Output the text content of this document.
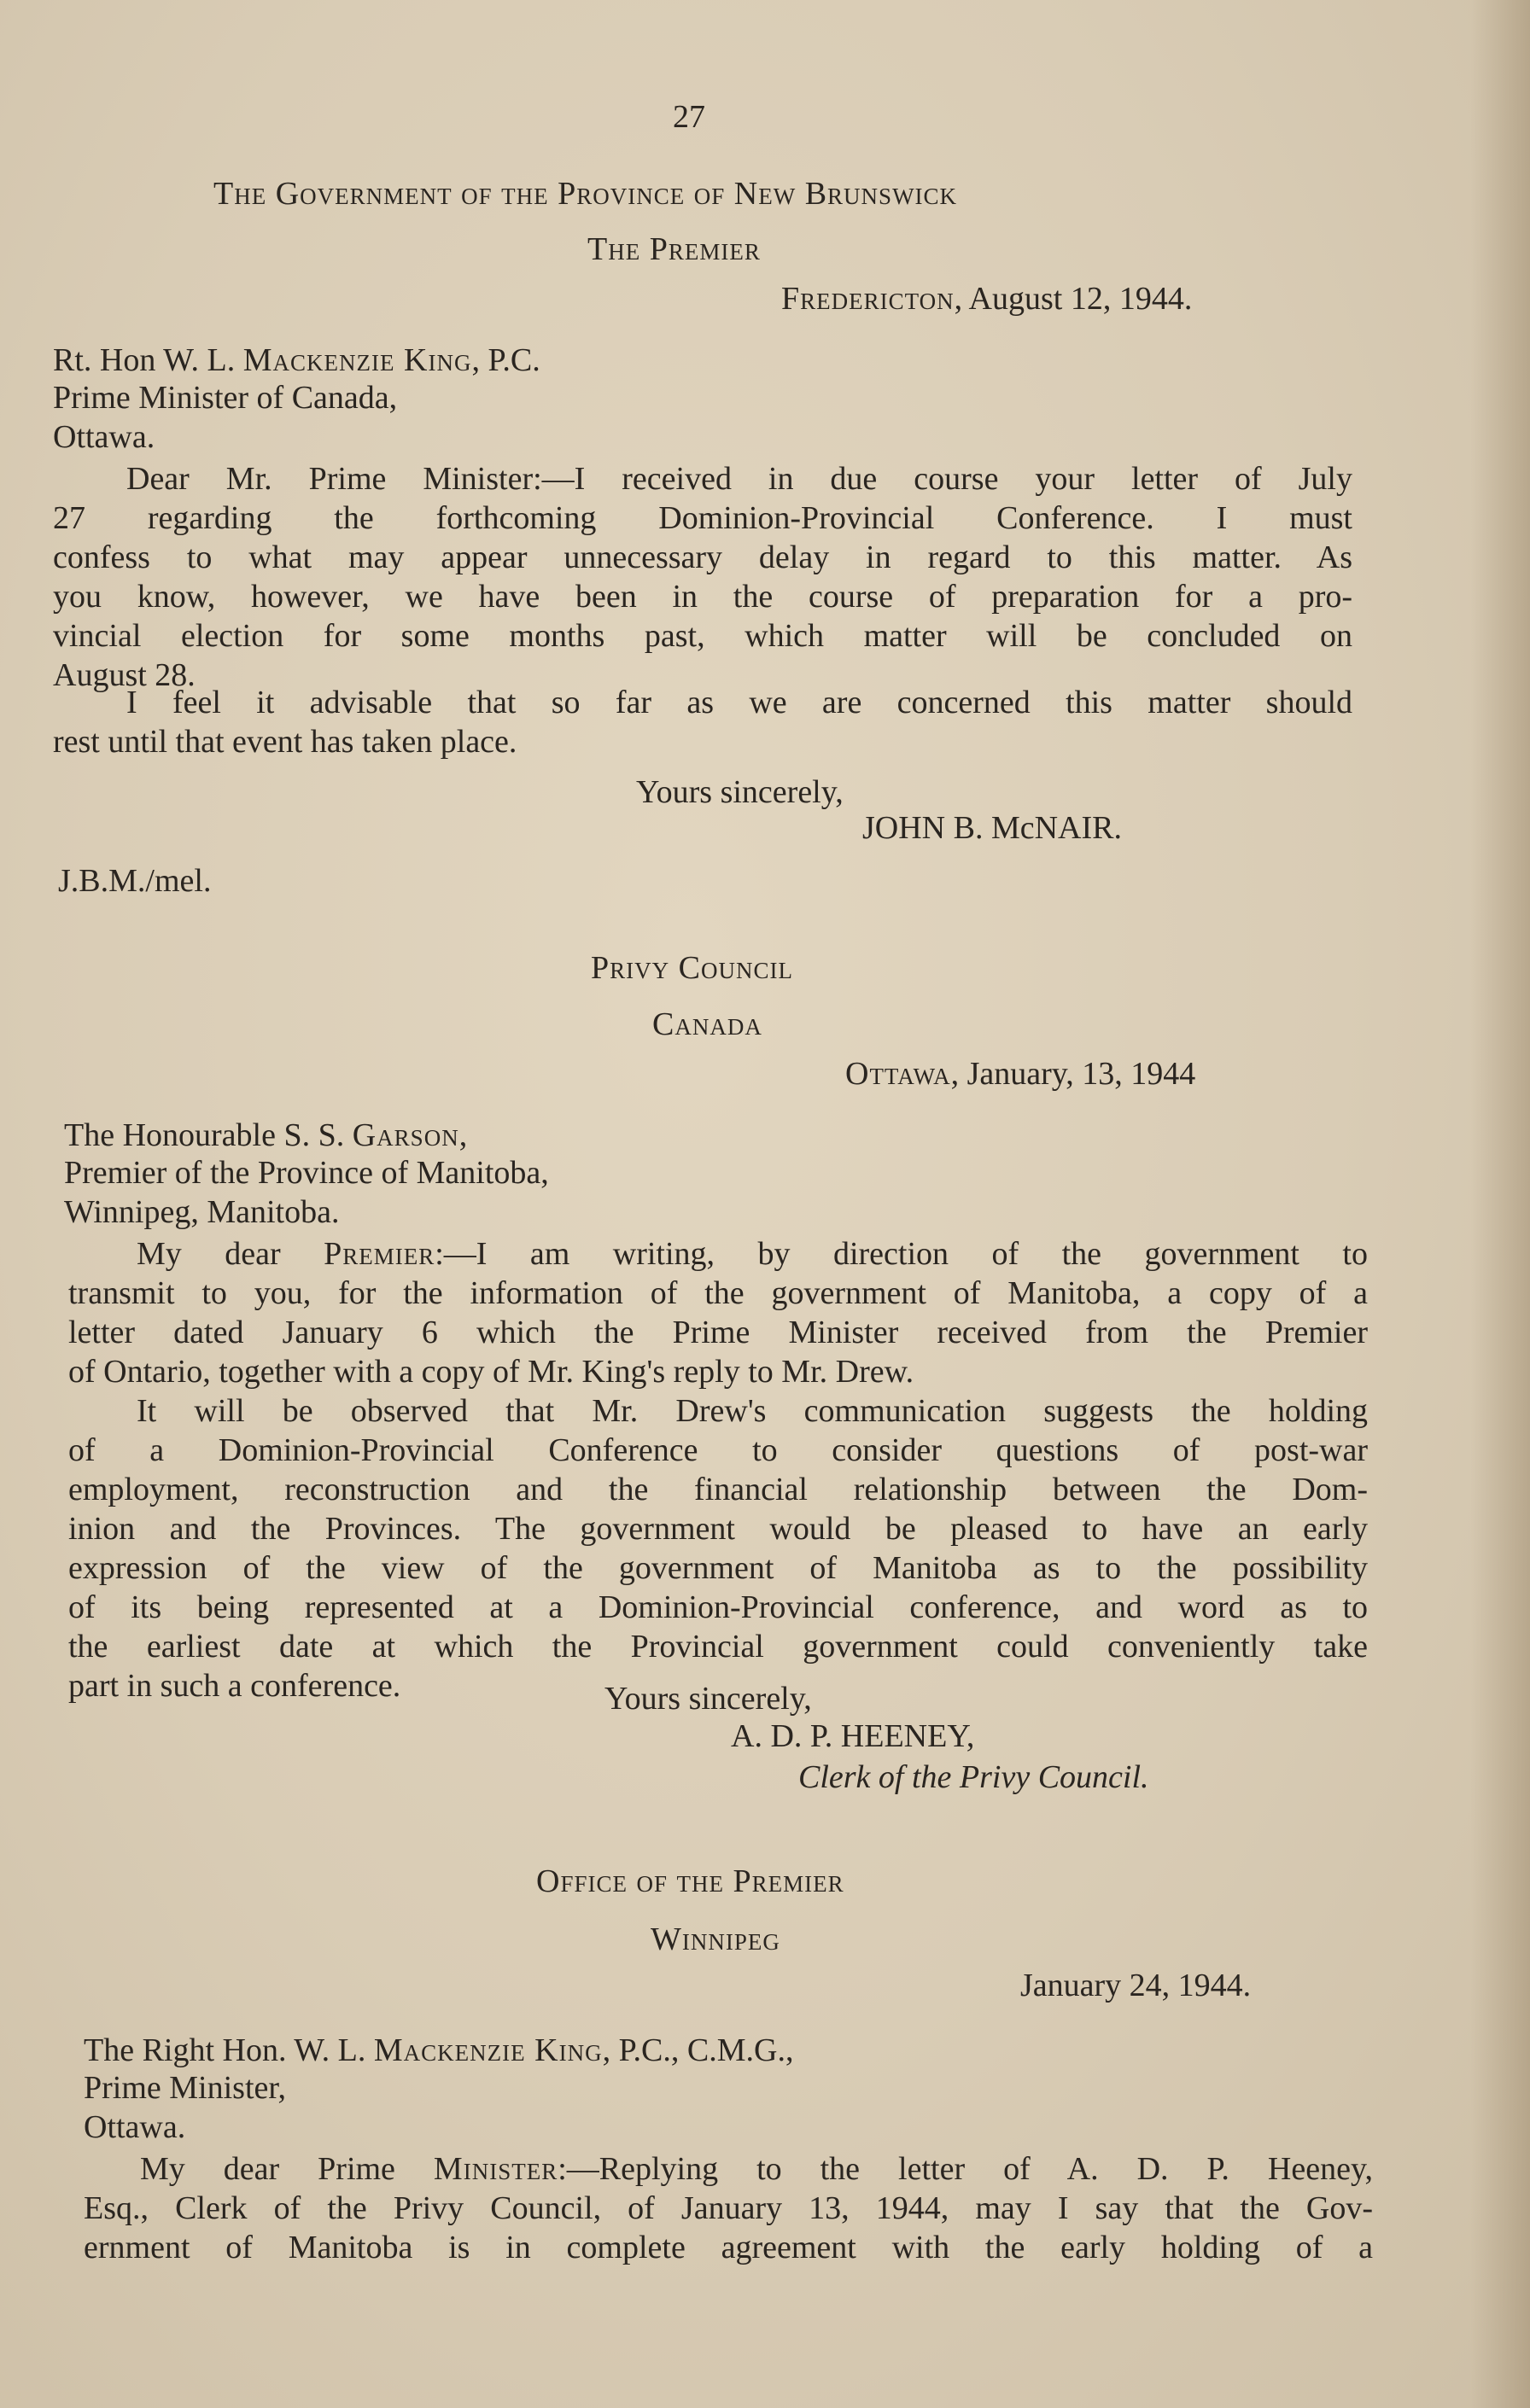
27
The Government of the Province of New Brunswick
The Premier
Fredericton, August 12, 1944.
Rt. Hon W. L. Mackenzie King, P.C.
Prime Minister of Canada,
Ottawa.
Dear Mr. Prime Minister:—I received in due course your letter of July
27 regarding the forthcoming Dominion-Provincial Conference. I must
confess to what may appear unnecessary delay in regard to this matter. As
you know, however, we have been in the course of preparation for a pro-
vincial election for some months past, which matter will be concluded on
August 28.
I feel it advisable that so far as we are concerned this matter should
rest until that event has taken place.
Yours sincerely,
JOHN B. McNAIR.
J.B.M./mel.
Privy Council
Canada
Ottawa, January, 13, 1944
The Honourable S. S. Garson,
Premier of the Province of Manitoba,
Winnipeg, Manitoba.
My dear Premier:—I am writing, by direction of the government to
transmit to you, for the information of the government of Manitoba, a copy of a
letter dated January 6 which the Prime Minister received from the Premier
of Ontario, together with a copy of Mr. King's reply to Mr. Drew.
It will be observed that Mr. Drew's communication suggests the holding
of a Dominion-Provincial Conference to consider questions of post-war
employment, reconstruction and the financial relationship between the Dom-
inion and the Provinces. The government would be pleased to have an early
expression of the view of the government of Manitoba as to the possibility
of its being represented at a Dominion-Provincial conference, and word as to
the earliest date at which the Provincial government could conveniently take
part in such a conference.	Yours sincerely,
A. D. P. HEENEY,
Clerk of the Privy Council.
Office of the Premier
Winnipeg
January 24, 1944.
The Right Hon. W. L. Mackenzie King, P.C., C.M.G.,
Prime Minister,
Ottawa.
My dear Prime Minister:—Replying to the letter of A. D. P. Heeney,
Esq., Clerk of the Privy Council, of January 13, 1944, may I say that the Gov-
ernment of Manitoba is in complete agreement with the early holding of a
